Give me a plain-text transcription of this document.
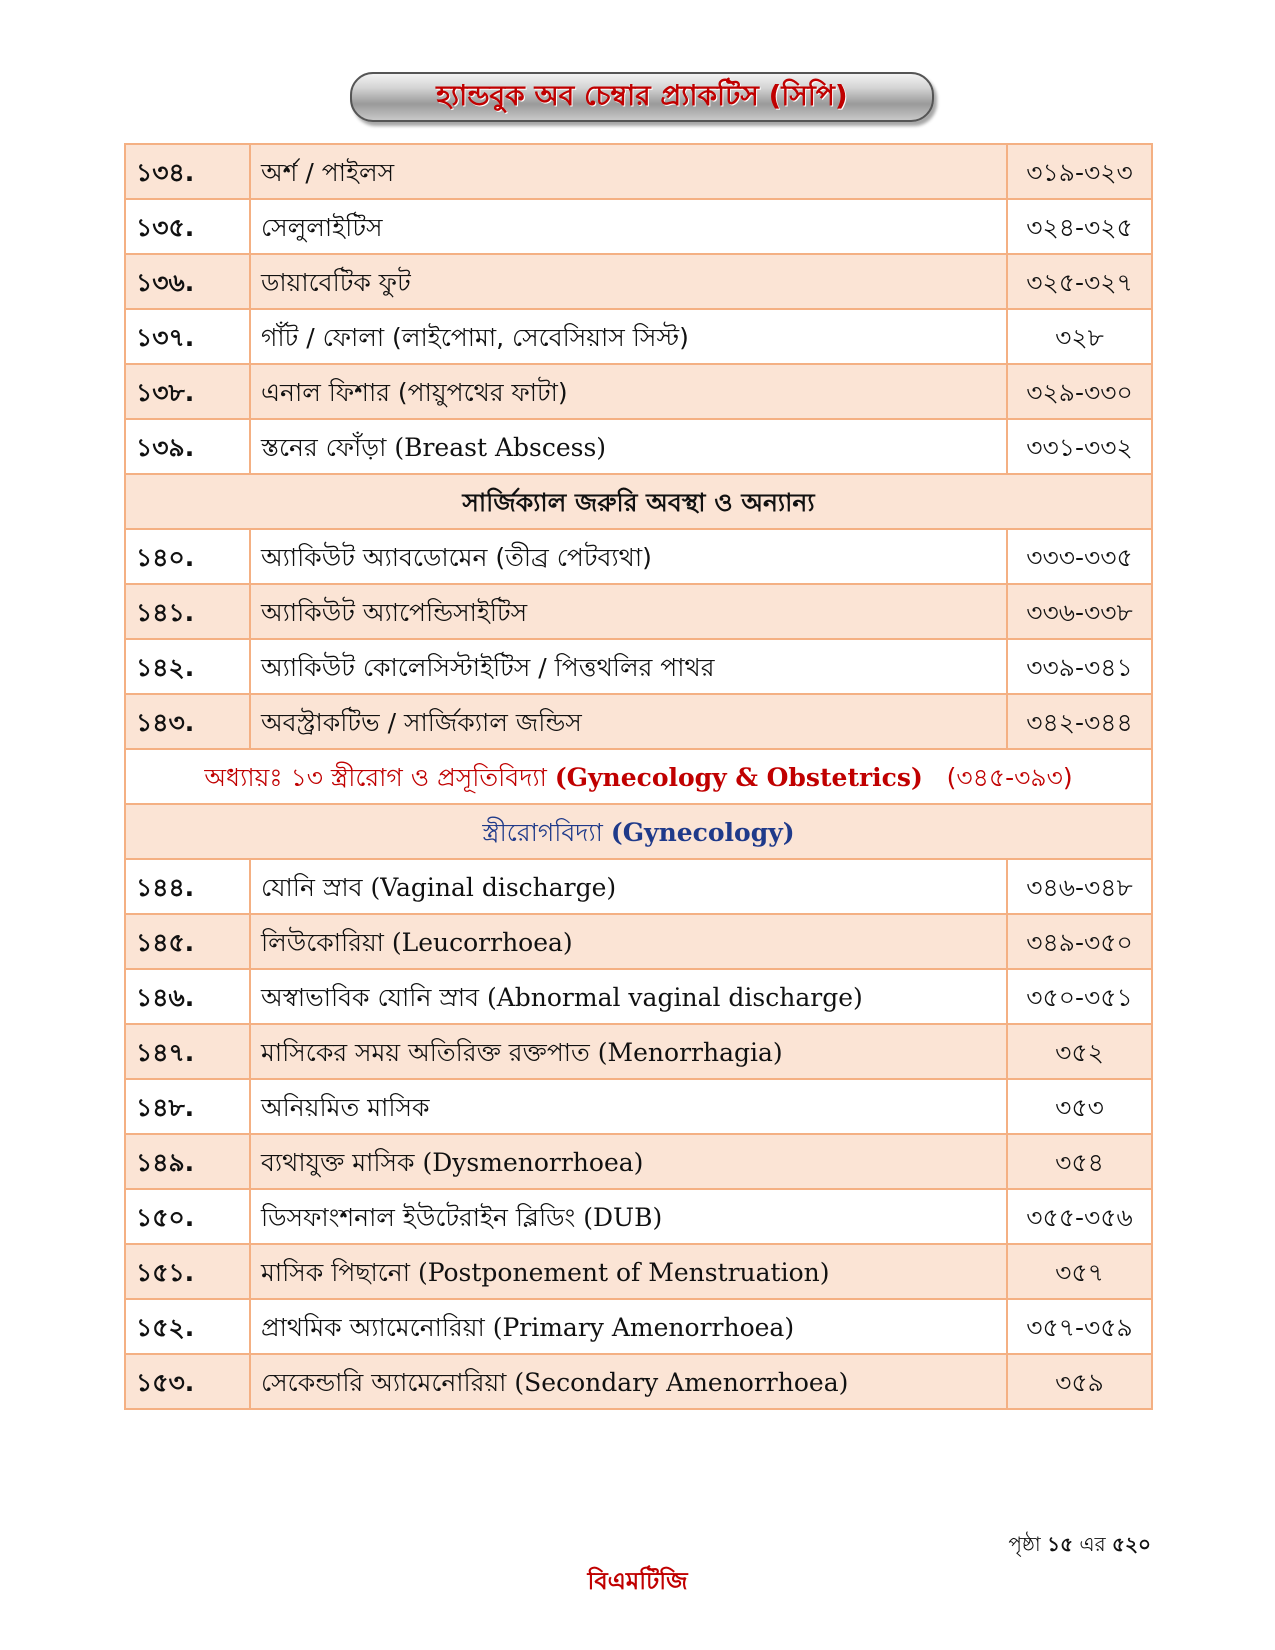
হ্যান্ডবুক অব চেম্বার প্র্যাকটিস (সিপি)
১৩৪.	অর্শ / পাইলস	৩১৯-৩২৩
১৩৫.	সেলুলাইটিস	৩২৪-৩২৫
১৩৬.	ডায়াবেটিক ফুট	৩২৫-৩২৭
১৩৭.	গাঁট / ফোলা (লাইপোমা, সেবেসিয়াস সিস্ট)	৩২৮
১৩৮.	এনাল ফিশার (পায়ুপথের ফাটা)	৩২৯-৩৩০
১৩৯.	স্তনের ফোঁড়া (Breast Abscess)	৩৩১-৩৩২
সার্জিক্যাল জরুরি অবস্থা ও অন্যান্য		
১৪০.	অ্যাকিউট অ্যাবডোমেন (তীব্র পেটব্যথা)	৩৩৩-৩৩৫
১৪১.	অ্যাকিউট অ্যাপেন্ডিসাইটিস	৩৩৬-৩৩৮
১৪২.	অ্যাকিউট কোলেসিস্টাইটিস / পিত্তথলির পাথর	৩৩৯-৩৪১
১৪৩.	অবস্ট্রাকটিভ / সার্জিক্যাল জন্ডিস	৩৪২-৩৪৪
অধ্যায়ঃ ১৩ স্ত্রীরোগ ও প্রসূতিবিদ্যা (Gynecology & Obstetrics) (৩৪৫-৩৯৩)		
স্ত্রীরোগবিদ্যা (Gynecology)		
১৪৪.	যোনি স্রাব (Vaginal discharge)	৩৪৬-৩৪৮
১৪৫.	লিউকোরিয়া (Leucorrhoea)	৩৪৯-৩৫০
১৪৬.	অস্বাভাবিক যোনি স্রাব (Abnormal vaginal discharge)	৩৫০-৩৫১
১৪৭.	মাসিকের সময় অতিরিক্ত রক্তপাত (Menorrhagia)	৩৫২
১৪৮.	অনিয়মিত মাসিক	৩৫৩
১৪৯.	ব্যথাযুক্ত মাসিক (Dysmenorrhoea)	৩৫৪
১৫০.	ডিসফাংশনাল ইউটেরাইন ব্লিডিং (DUB)	৩৫৫-৩৫৬
১৫১.	মাসিক পিছানো (Postponement of Menstruation)	৩৫৭
১৫২.	প্রাথমিক অ্যামেনোরিয়া (Primary Amenorrhoea)	৩৫৭-৩৫৯
১৫৩.	সেকেন্ডারি অ্যামেনোরিয়া (Secondary Amenorrhoea)	৩৫৯
পৃষ্ঠা ১৫ এর ৫২০
বিএমটিজি
